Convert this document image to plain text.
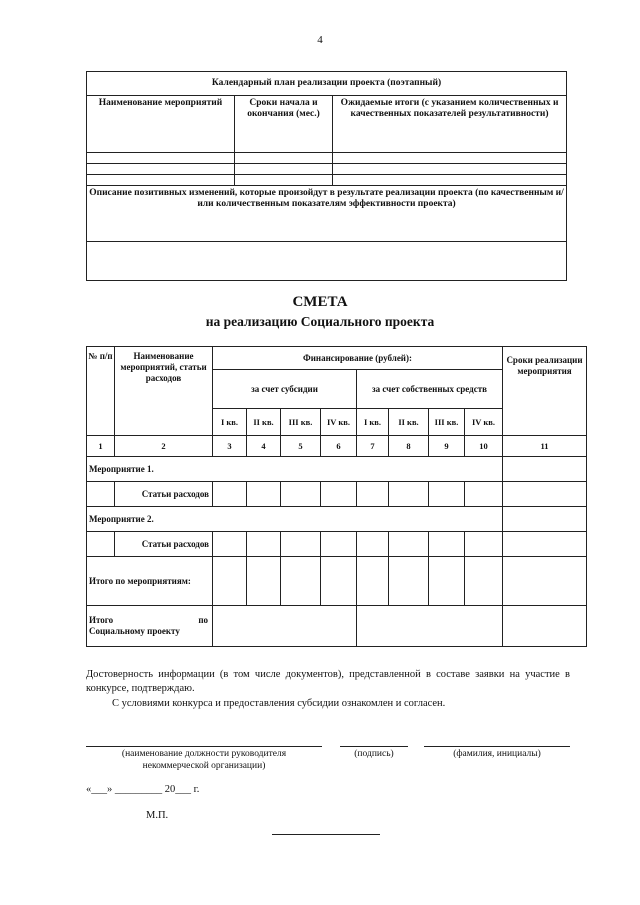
4
Календарный план реализации проекта (поэтапный)		
Наименование мероприятий	Сроки начала и окончания (мес.)	Ожидаемые итоги (с указанием количественных и качественных показателей результативности)

Описание позитивных изменений, которые произойдут в результате реализации проекта (по качественным и/или количественным показателям эффективности проекта)		

СМЕТА
на реализацию Социального проекта
№ п/п	Наименование мероприятий, статьи расходов	Финансирование (рублей):								Сроки реализации мероприятия
		за счет субсидии				за счет собственных средств				
		I кв.	II кв.	III кв.	IV кв.	I кв.	II кв.	III кв.	IV кв.	
1	2	3	4	5	6	7	8	9	10	11
Мероприятие 1.										
	Статьи расходов									
Мероприятие 2.										
	Статьи расходов									
Итого по мероприятиям:										

Итого по
Социальному проекту										

Достоверность информации (в том числе документов), представленной в составе заявки на участие в конкурсе, подтверждаю.
С условиями конкурса и предоставления субсидии ознакомлен и согласен.
(наименование должности руководителя некоммерческой организации)
(подпись)	(фамилия, инициалы)
«___» _________ 20___ г.
М.П.
